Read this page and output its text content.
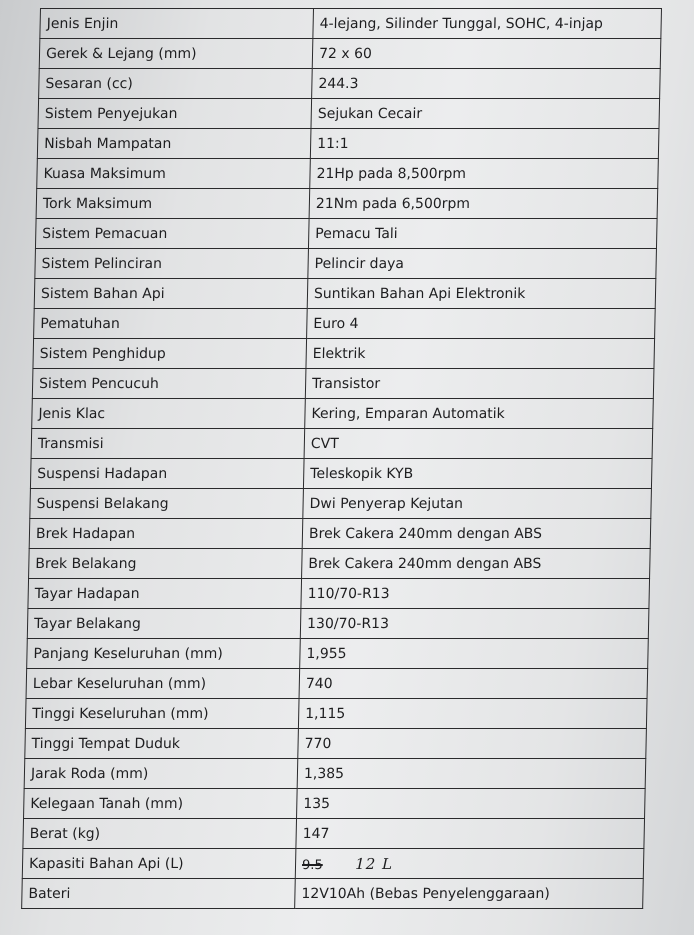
Jenis Enjin	4-lejang, Silinder Tunggal, SOHC, 4-injap
Gerek & Lejang (mm)	72 x 60
Sesaran (cc)	244.3
Sistem Penyejukan	Sejukan Cecair
Nisbah Mampatan	11:1
Kuasa Maksimum	21Hp pada 8,500rpm
Tork Maksimum	21Nm pada 6,500rpm
Sistem Pemacuan	Pemacu Tali
Sistem Pelinciran	Pelincir daya
Sistem Bahan Api	Suntikan Bahan Api Elektronik
Pematuhan	Euro 4
Sistem Penghidup	Elektrik
Sistem Pencucuh	Transistor
Jenis Klac	Kering, Emparan Automatik
Transmisi	CVT
Suspensi Hadapan	Teleskopik KYB
Suspensi Belakang	Dwi Penyerap Kejutan
Brek Hadapan	Brek Cakera 240mm dengan ABS
Brek Belakang	Brek Cakera 240mm dengan ABS
Tayar Hadapan	110/70-R13
Tayar Belakang	130/70-R13
Panjang Keseluruhan (mm)	1,955
Lebar Keseluruhan (mm)	740
Tinggi Keseluruhan (mm)	1,115
Tinggi Tempat Duduk	770
Jarak Roda (mm)	1,385
Kelegaan Tanah (mm)	135
Berat (kg)	147
Kapasiti Bahan Api (L)	9.5 12 L
Bateri	12V10Ah (Bebas Penyelenggaraan)
